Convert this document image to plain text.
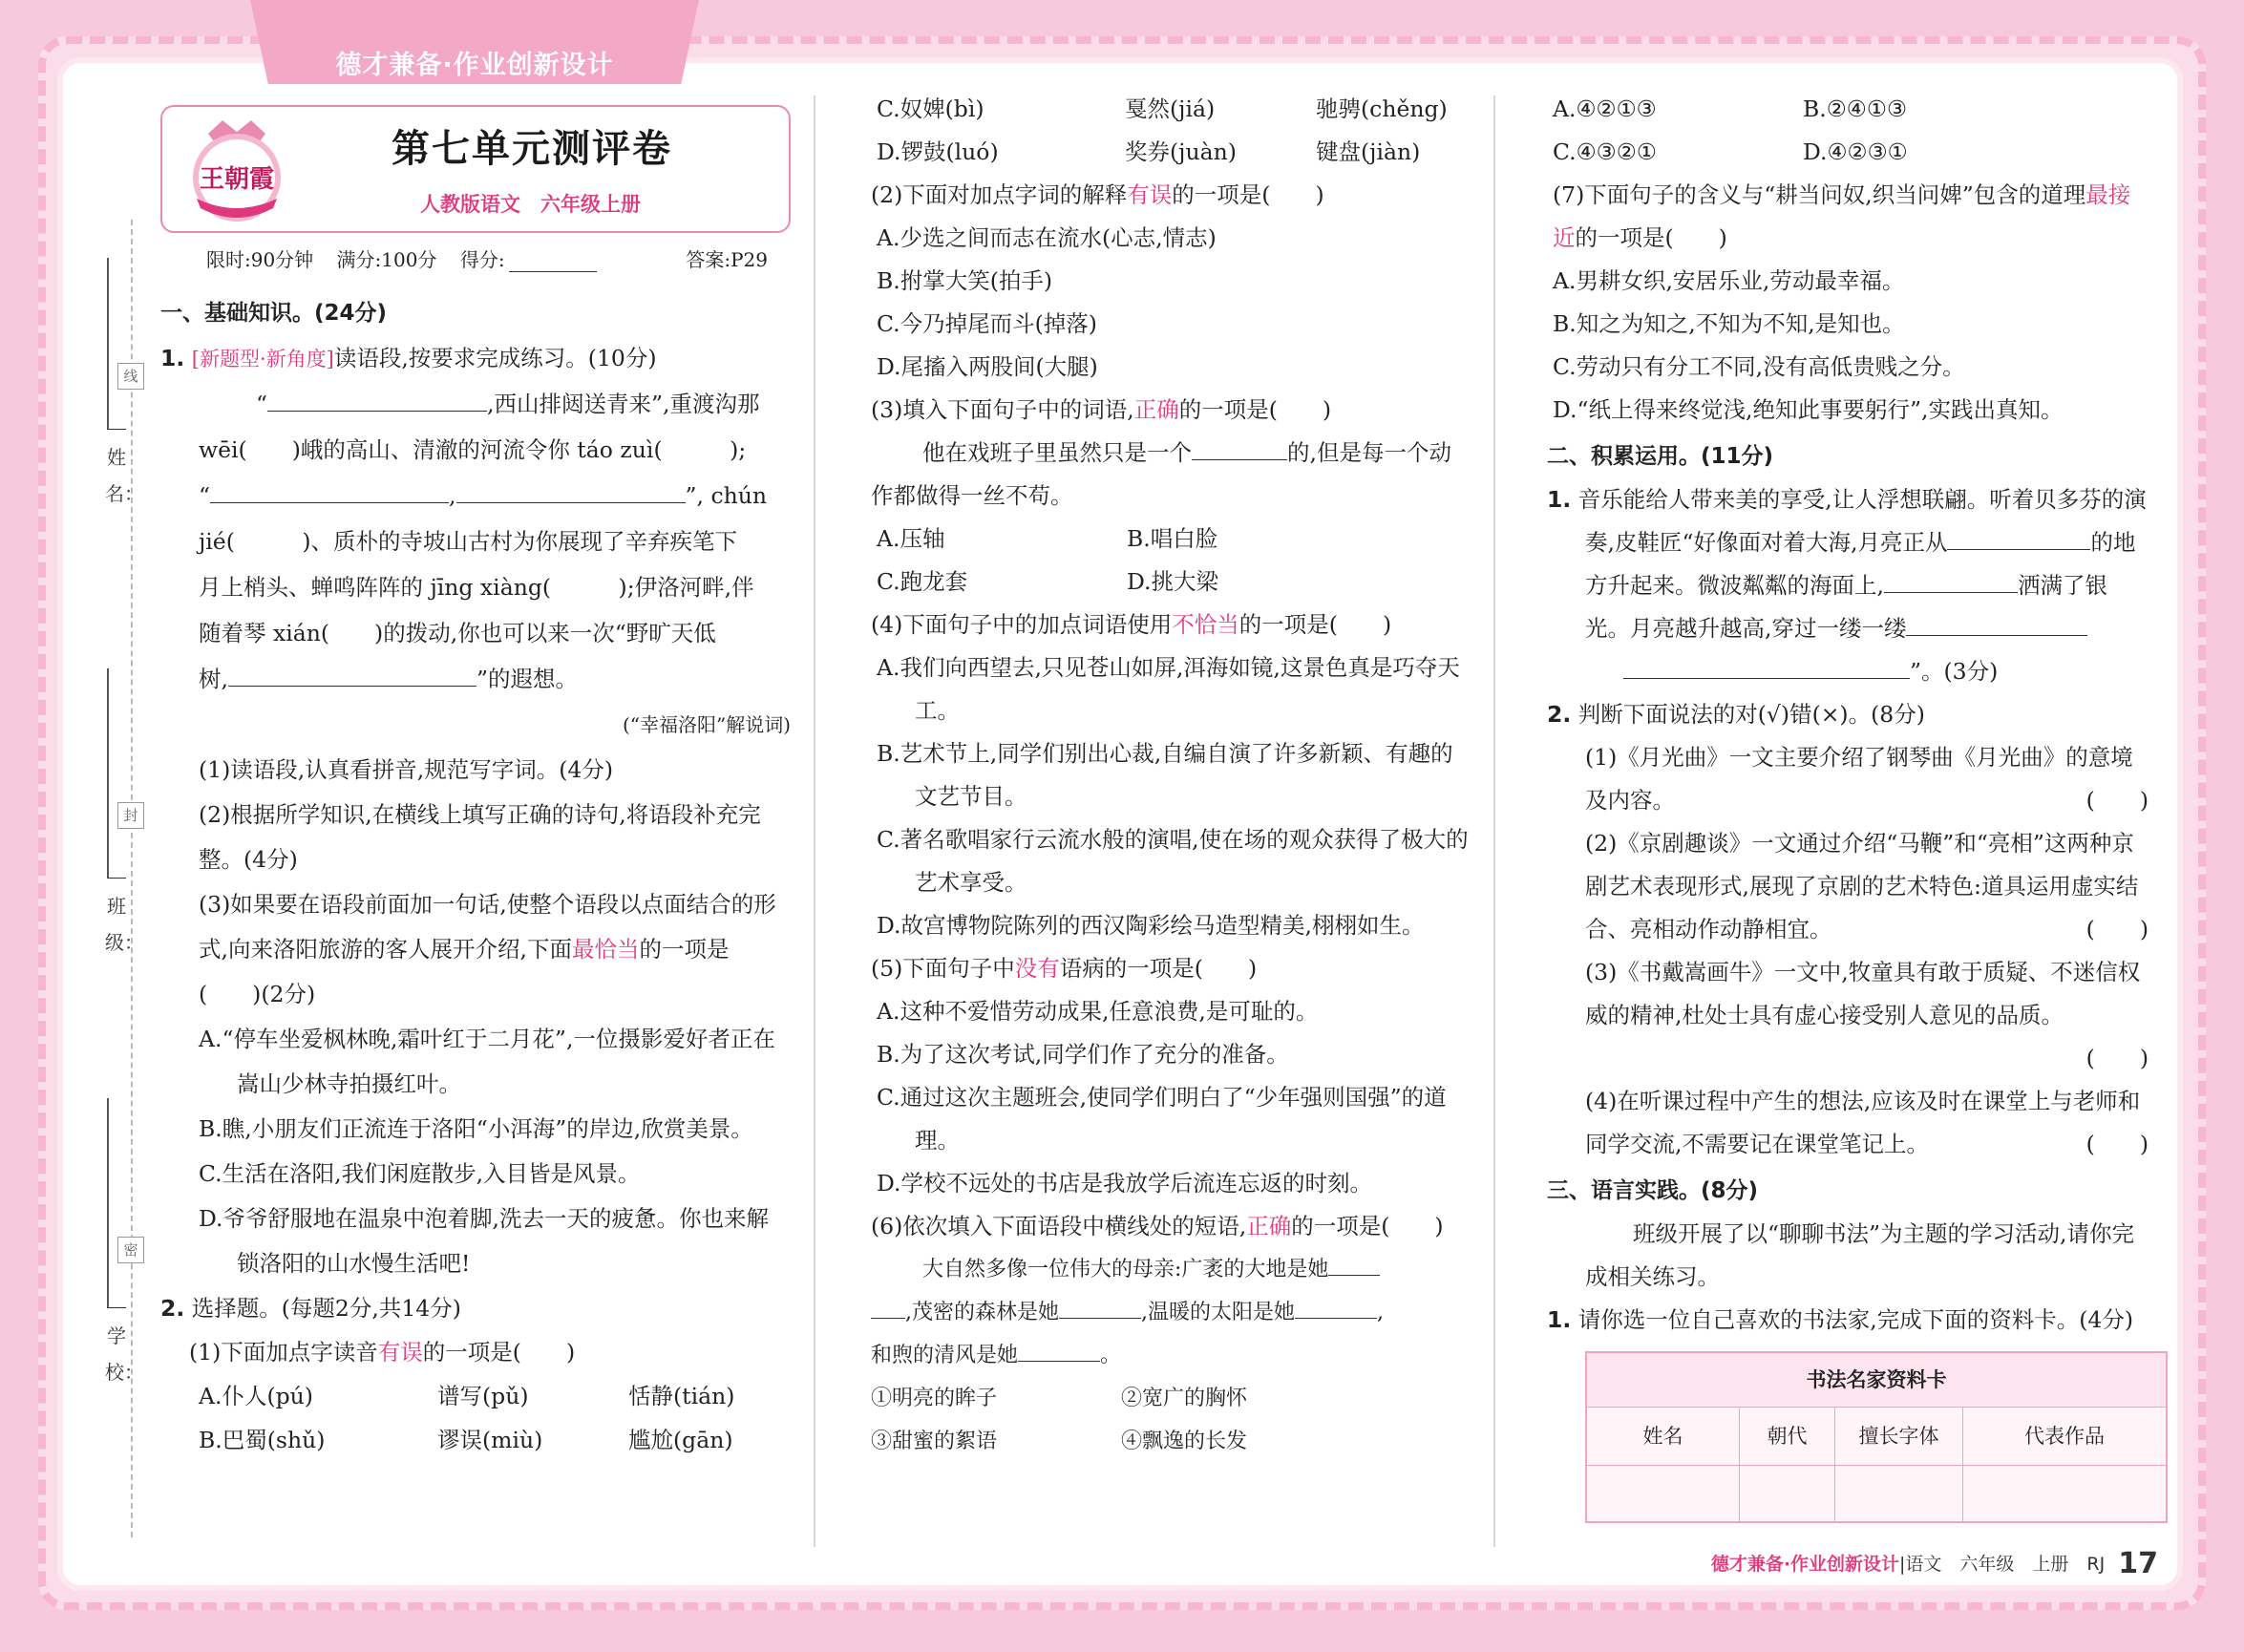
德才兼备·作业创新设计
线
封
密
姓名：
班级：
学校：
王朝霞
第七单元测评卷
人教版语文　六年级上册
限时:90分钟 满分:100分 得分:	答案:P29
一、基础知识。(24分)
1. [新题型·新角度]读语段,按要求完成练习。(10分)
“	,西山排闼送青来”,重渡沟那
wēi(　　)峨的高山、清澈的河流令你 táo zuì(　　　);
“	,	”, chún
jié(　　　)、质朴的寺坡山古村为你展现了辛弃疾笔下
月上梢头、蝉鸣阵阵的 jīng xiàng(　　　);伊洛河畔,伴
随着琴 xián(　　)的拨动,你也可以来一次“野旷天低
树,	”的遐想。
(“幸福洛阳”解说词)
(1)读语段,认真看拼音,规范写字词。(4分)
(2)根据所学知识,在横线上填写正确的诗句,将语段补充完整。(4分)
(3)如果要在语段前面加一句话,使整个语段以点面结合的形式,向来洛阳旅游的客人展开介绍,下面最恰当的一项是(　　)(2分)
A.“停车坐爱枫林晚,霜叶红于二月花”,一位摄影爱好者正在嵩山少林寺拍摄红叶。
B.瞧,小朋友们正流连于洛阳“小洱海”的岸边,欣赏美景。
C.生活在洛阳,我们闲庭散步,入目皆是风景。
D.爷爷舒服地在温泉中泡着脚,洗去一天的疲惫。你也来解锁洛阳的山水慢生活吧!
2. 选择题。(每题2分,共14分)
(1)下面加点字读音有误的一项是(　　)
A.仆人(pú)	谱写(pǔ)	恬静(tián)
B.巴蜀(shǔ)	谬误(miù)	尴尬(gān)
C.奴婢(bì)	戛然(jiá)	驰骋(chěng)
D.锣鼓(luó)	奖券(juàn)	键盘(jiàn)
(2)下面对加点字词的解释有误的一项是(　　)
A.少选之间而志在流水(心志,情志)
B.拊掌大笑(拍手)
C.今乃掉尾而斗(掉落)
D.尾搐入两股间(大腿)
(3)填入下面句子中的词语,正确的一项是(　　)
他在戏班子里虽然只是一个	的,但是每一个动作都做得一丝不苟。
A.压轴	B.唱白脸
C.跑龙套	D.挑大梁
(4)下面句子中的加点词语使用不恰当的一项是(　　)
A.我们向西望去,只见苍山如屏,洱海如镜,这景色真是巧夺天工。
B.艺术节上,同学们别出心裁,自编自演了许多新颖、有趣的文艺节目。
C.著名歌唱家行云流水般的演唱,使在场的观众获得了极大的艺术享受。
D.故宫博物院陈列的西汉陶彩绘马造型精美,栩栩如生。
(5)下面句子中没有语病的一项是(　　)
A.这种不爱惜劳动成果,任意浪费,是可耻的。
B.为了这次考试,同学们作了充分的准备。
C.通过这次主题班会,使同学们明白了“少年强则国强”的道理。
D.学校不远处的书店是我放学后流连忘返的时刻。
(6)依次填入下面语段中横线处的短语,正确的一项是(　　)
大自然多像一位伟大的母亲:广袤的大地是她
,茂密的森林是她	,温暖的太阳是她	,
和煦的清风是她	。
①明亮的眸子	②宽广的胸怀
③甜蜜的絮语	④飘逸的长发
A.④②①③	B.②④①③
C.④③②①	D.④②③①
(7)下面句子的含义与“耕当问奴,织当问婢”包含的道理最接近的一项是(　　)
A.男耕女织,安居乐业,劳动最幸福。
B.知之为知之,不知为不知,是知也。
C.劳动只有分工不同,没有高低贵贱之分。
D.“纸上得来终觉浅,绝知此事要躬行”,实践出真知。
二、积累运用。(11分)
1. 音乐能给人带来美的享受,让人浮想联翩。听着贝多芬的演奏,皮鞋匠“好像面对着大海,月亮正从	的地方升起来。微波粼粼的海面上,	洒满了银光。月亮越升越高,穿过一缕一缕
”。(3分)
2. 判断下面说法的对(√)错(×)。(8分)
(1)《月光曲》一文主要介绍了钢琴曲《月光曲》的意境及内容。	(　　)
(2)《京剧趣谈》一文通过介绍“马鞭”和“亮相”这两种京剧艺术表现形式,展现了京剧的艺术特色:道具运用虚实结合、亮相动作动静相宜。	(　　)
(3)《书戴嵩画牛》一文中,牧童具有敢于质疑、不迷信权威的精神,杜处士具有虚心接受别人意见的品质。

(　　)

(4)在听课过程中产生的想法,应该及时在课堂上与老师和同学交流,不需要记在课堂笔记上。	(　　)
三、语言实践。(8分)
班级开展了以“聊聊书法”为主题的学习活动,请你完成相关练习。
1. 请你选一位自己喜欢的书法家,完成下面的资料卡。(4分)
书法名家资料卡
姓名	朝代	擅长字体	代表作品
德才兼备·作业创新设计|语文　六年级　上册　RJ 17
